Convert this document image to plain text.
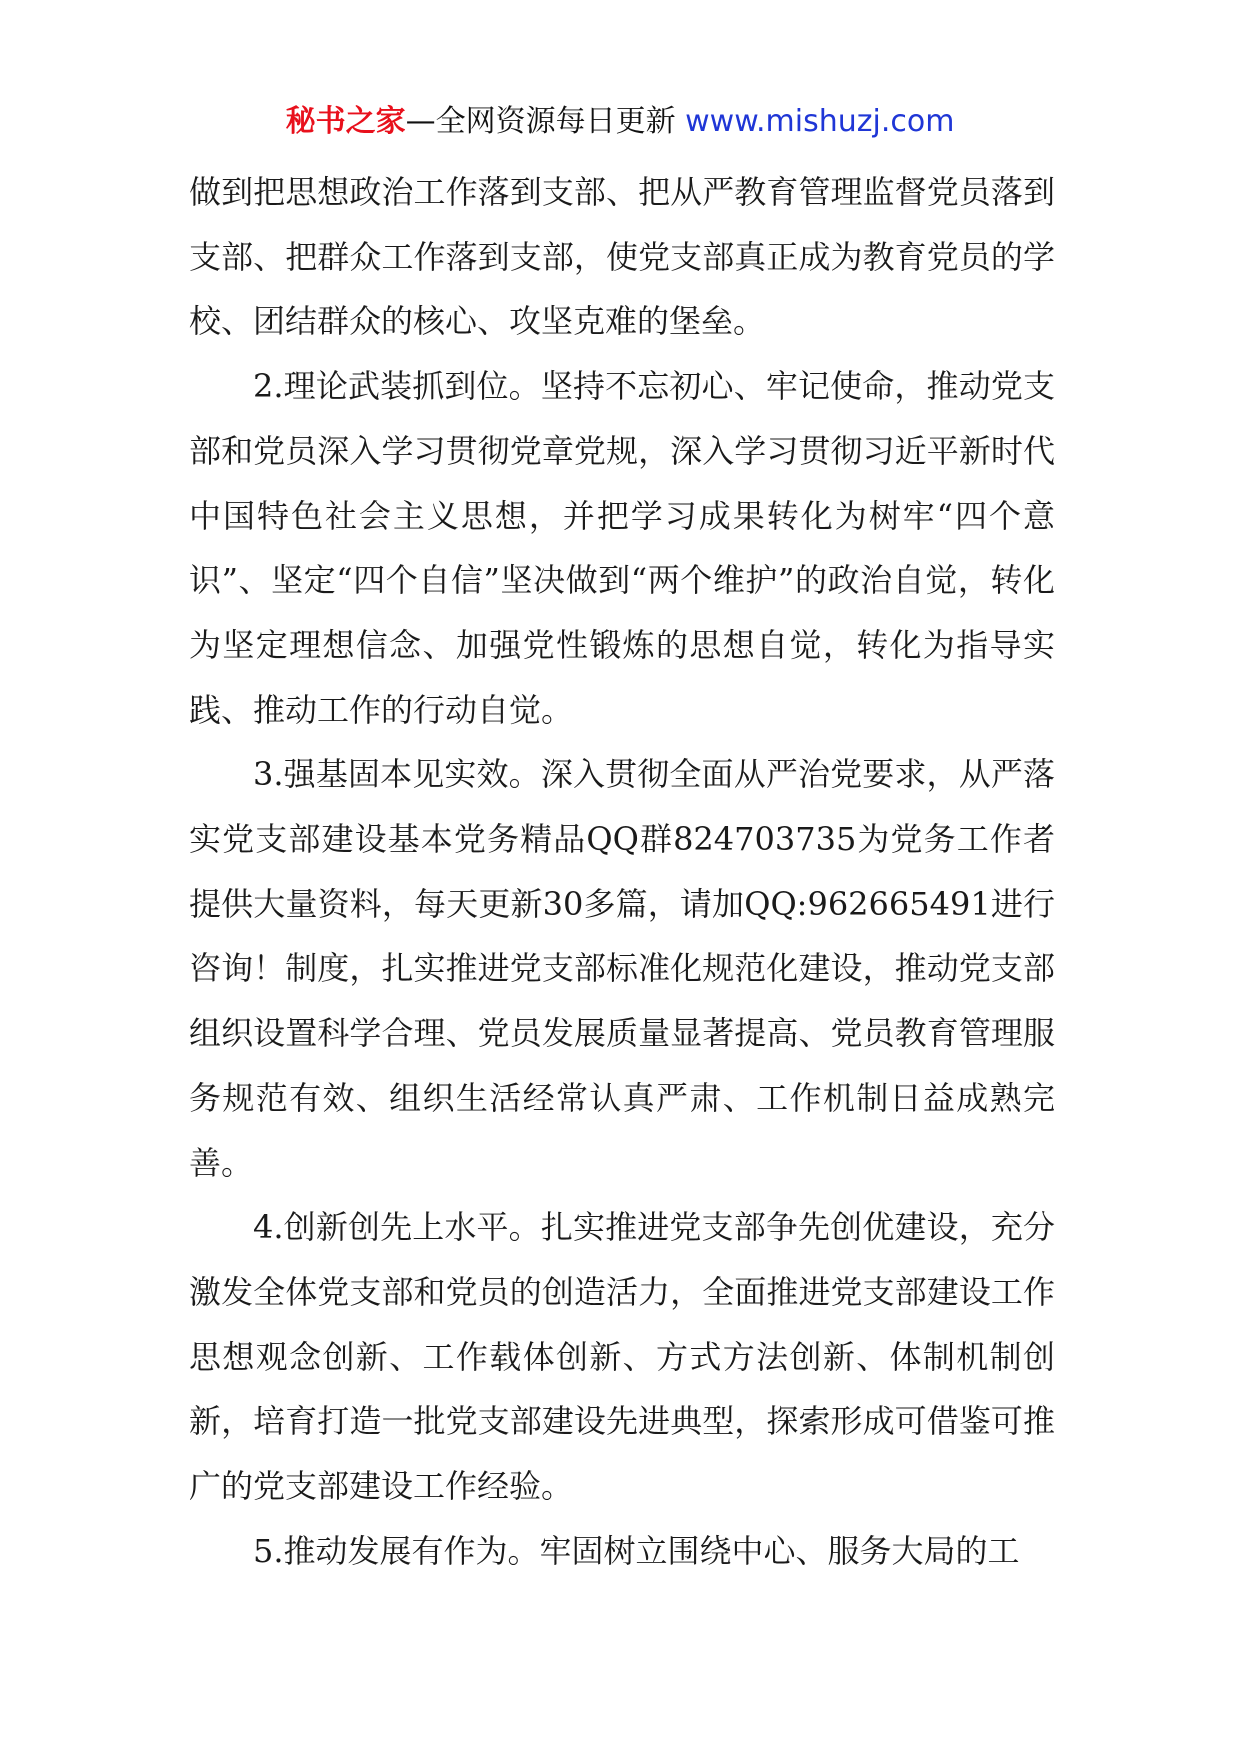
秘书之家—全网资源每日更新 www.mishuzj.com

做到把思想政治工作落到支部、把从严教育管理监督党员落到支部、把群众工作落到支部，使党支部真正成为教育党员的学校、团结群众的核心、攻坚克难的堡垒。

2.理论武装抓到位。坚持不忘初心、牢记使命，推动党支部和党员深入学习贯彻党章党规，深入学习贯彻习近平新时代中国特色社会主义思想，并把学习成果转化为树牢“四个意识”、坚定“四个自信”坚决做到“两个维护”的政治自觉，转化为坚定理想信念、加强党性锻炼的思想自觉，转化为指导实践、推动工作的行动自觉。

3.强基固本见实效。深入贯彻全面从严治党要求，从严落实党支部建设基本党务精品QQ群824703735为党务工作者提供大量资料，每天更新30多篇，请加QQ:962665491进行咨询！制度，扎实推进党支部标准化规范化建设，推动党支部组织设置科学合理、党员发展质量显著提高、党员教育管理服务规范有效、组织生活经常认真严肃、工作机制日益成熟完善。

4.创新创先上水平。扎实推进党支部争先创优建设，充分激发全体党支部和党员的创造活力，全面推进党支部建设工作思想观念创新、工作载体创新、方式方法创新、体制机制创新，培育打造一批党支部建设先进典型，探索形成可借鉴可推广的党支部建设工作经验。

5.推动发展有作为。牢固树立围绕中心、服务大局的工
